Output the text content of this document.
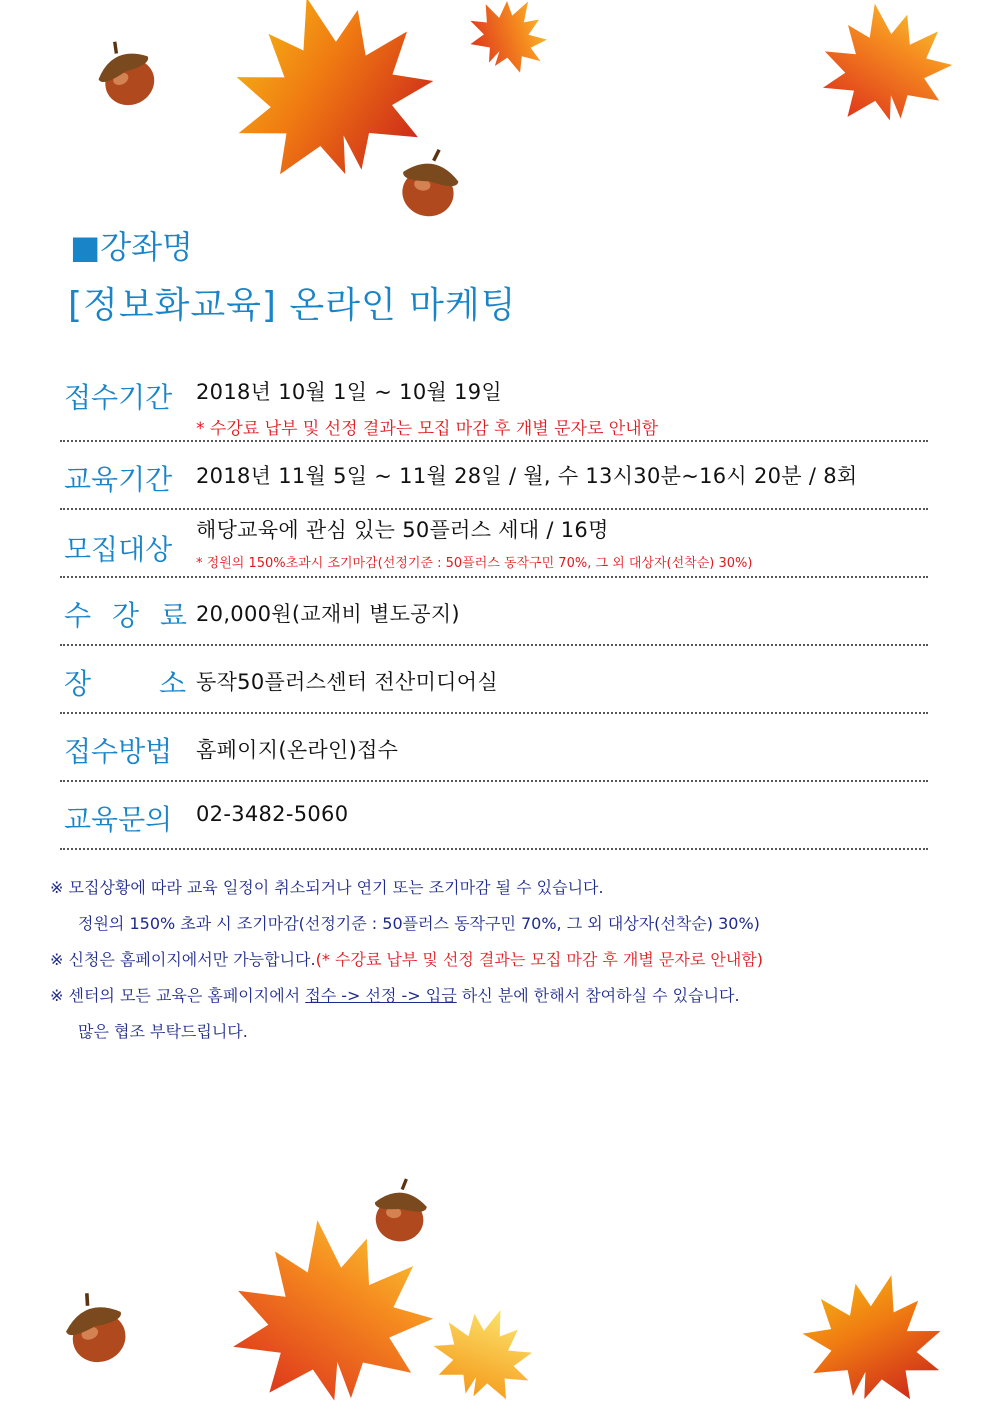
■강좌명
[정보화교육] 온라인 마케팅
접수기간 2018년 10월 1일 ~ 10월 19일
* 수강료 납부 및 선정 결과는 모집 마감 후 개별 문자로 안내함
교육기간 2018년 11월 5일 ~ 11월 28일 / 월, 수 13시30분~16시 20분 / 8회
모집대상
해당교육에 관심 있는 50플러스 세대 / 16명
* 정원의 150%초과시 조기마감(선정기준 : 50플러스 동작구민 70%, 그 외 대상자(선착순) 30%)
수 강 료 20,000원(교재비 별도공지)
장　　소 동작50플러스센터 전산미디어실
접수방법 홈페이지(온라인)접수
교육문의 02-3482-5060
※ 모집상황에 따라 교육 일정이 취소되거나 연기 또는 조기마감 될 수 있습니다.
정원의 150% 초과 시 조기마감(선정기준 : 50플러스 동작구민 70%, 그 외 대상자(선착순) 30%)
※ 신청은 홈페이지에서만 가능합니다.(* 수강료 납부 및 선정 결과는 모집 마감 후 개별 문자로 안내함)
※ 센터의 모든 교육은 홈페이지에서 접수 -> 선정 -> 입금 하신 분에 한해서 참여하실 수 있습니다.
많은 협조 부탁드립니다.
